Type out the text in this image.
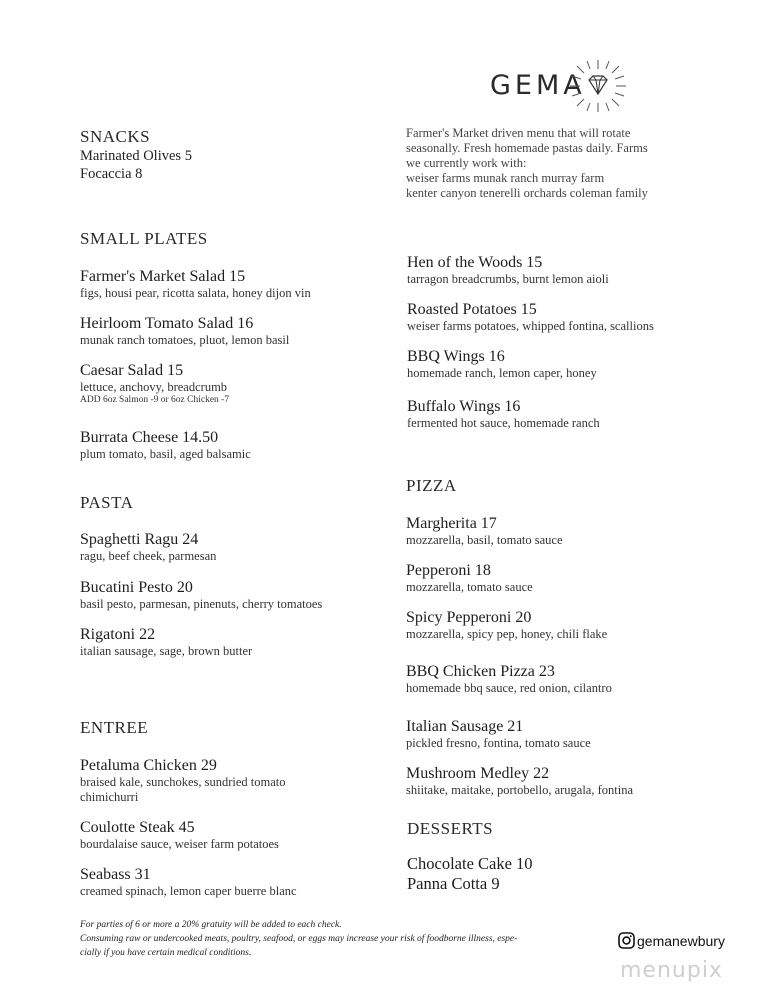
GEMA
Farmer's Market driven menu that will rotate
seasonally. Fresh homemade pastas daily. Farms
we currently work with:
weiser farms munak ranch murray farm
kenter canyon tenerelli orchards coleman family
SNACKS
Marinated Olives 5
Focaccia 8
SMALL PLATES
Farmer's Market Salad 15
figs, housi pear, ricotta salata, honey dijon vin
Heirloom Tomato Salad 16
munak ranch tomatoes, pluot, lemon basil
Caesar Salad 15
lettuce, anchovy, breadcrumb
ADD 6oz Salmon -9 or 6oz Chicken -7
Burrata Cheese 14.50
plum tomato, basil, aged balsamic
Hen of the Woods 15
tarragon breadcrumbs, burnt lemon aioli
Roasted Potatoes 15
weiser farms potatoes, whipped fontina, scallions
BBQ Wings 16
homemade ranch, lemon caper, honey
Buffalo Wings 16
fermented hot sauce, homemade ranch
PASTA
Spaghetti Ragu 24
ragu, beef cheek, parmesan
Bucatini Pesto 20
basil pesto, parmesan, pinenuts, cherry tomatoes
Rigatoni 22
italian sausage, sage, brown butter
ENTREE
Petaluma Chicken 29
braised kale, sunchokes, sundried tomato
chimichurri
Coulotte Steak 45
bourdalaise sauce, weiser farm potatoes
Seabass 31
creamed spinach, lemon caper buerre blanc
PIZZA
Margherita 17
mozzarella, basil, tomato sauce
Pepperoni 18
mozzarella, tomato sauce
Spicy Pepperoni 20
mozzarella, spicy pep, honey, chili flake
BBQ Chicken Pizza 23
homemade bbq sauce, red onion, cilantro
Italian Sausage 21
pickled fresno, fontina, tomato sauce
Mushroom Medley 22
shiitake, maitake, portobello, arugala, fontina
DESSERTS
Chocolate Cake 10
Panna Cotta 9
For parties of 6 or more a 20% gratuity will be added to each check.
Consuming raw or undercooked meats, poultry, seafood, or eggs may increase your risk of foodborne illness, espe-
cially if you have certain medical conditions.
gemanewbury
menupix
